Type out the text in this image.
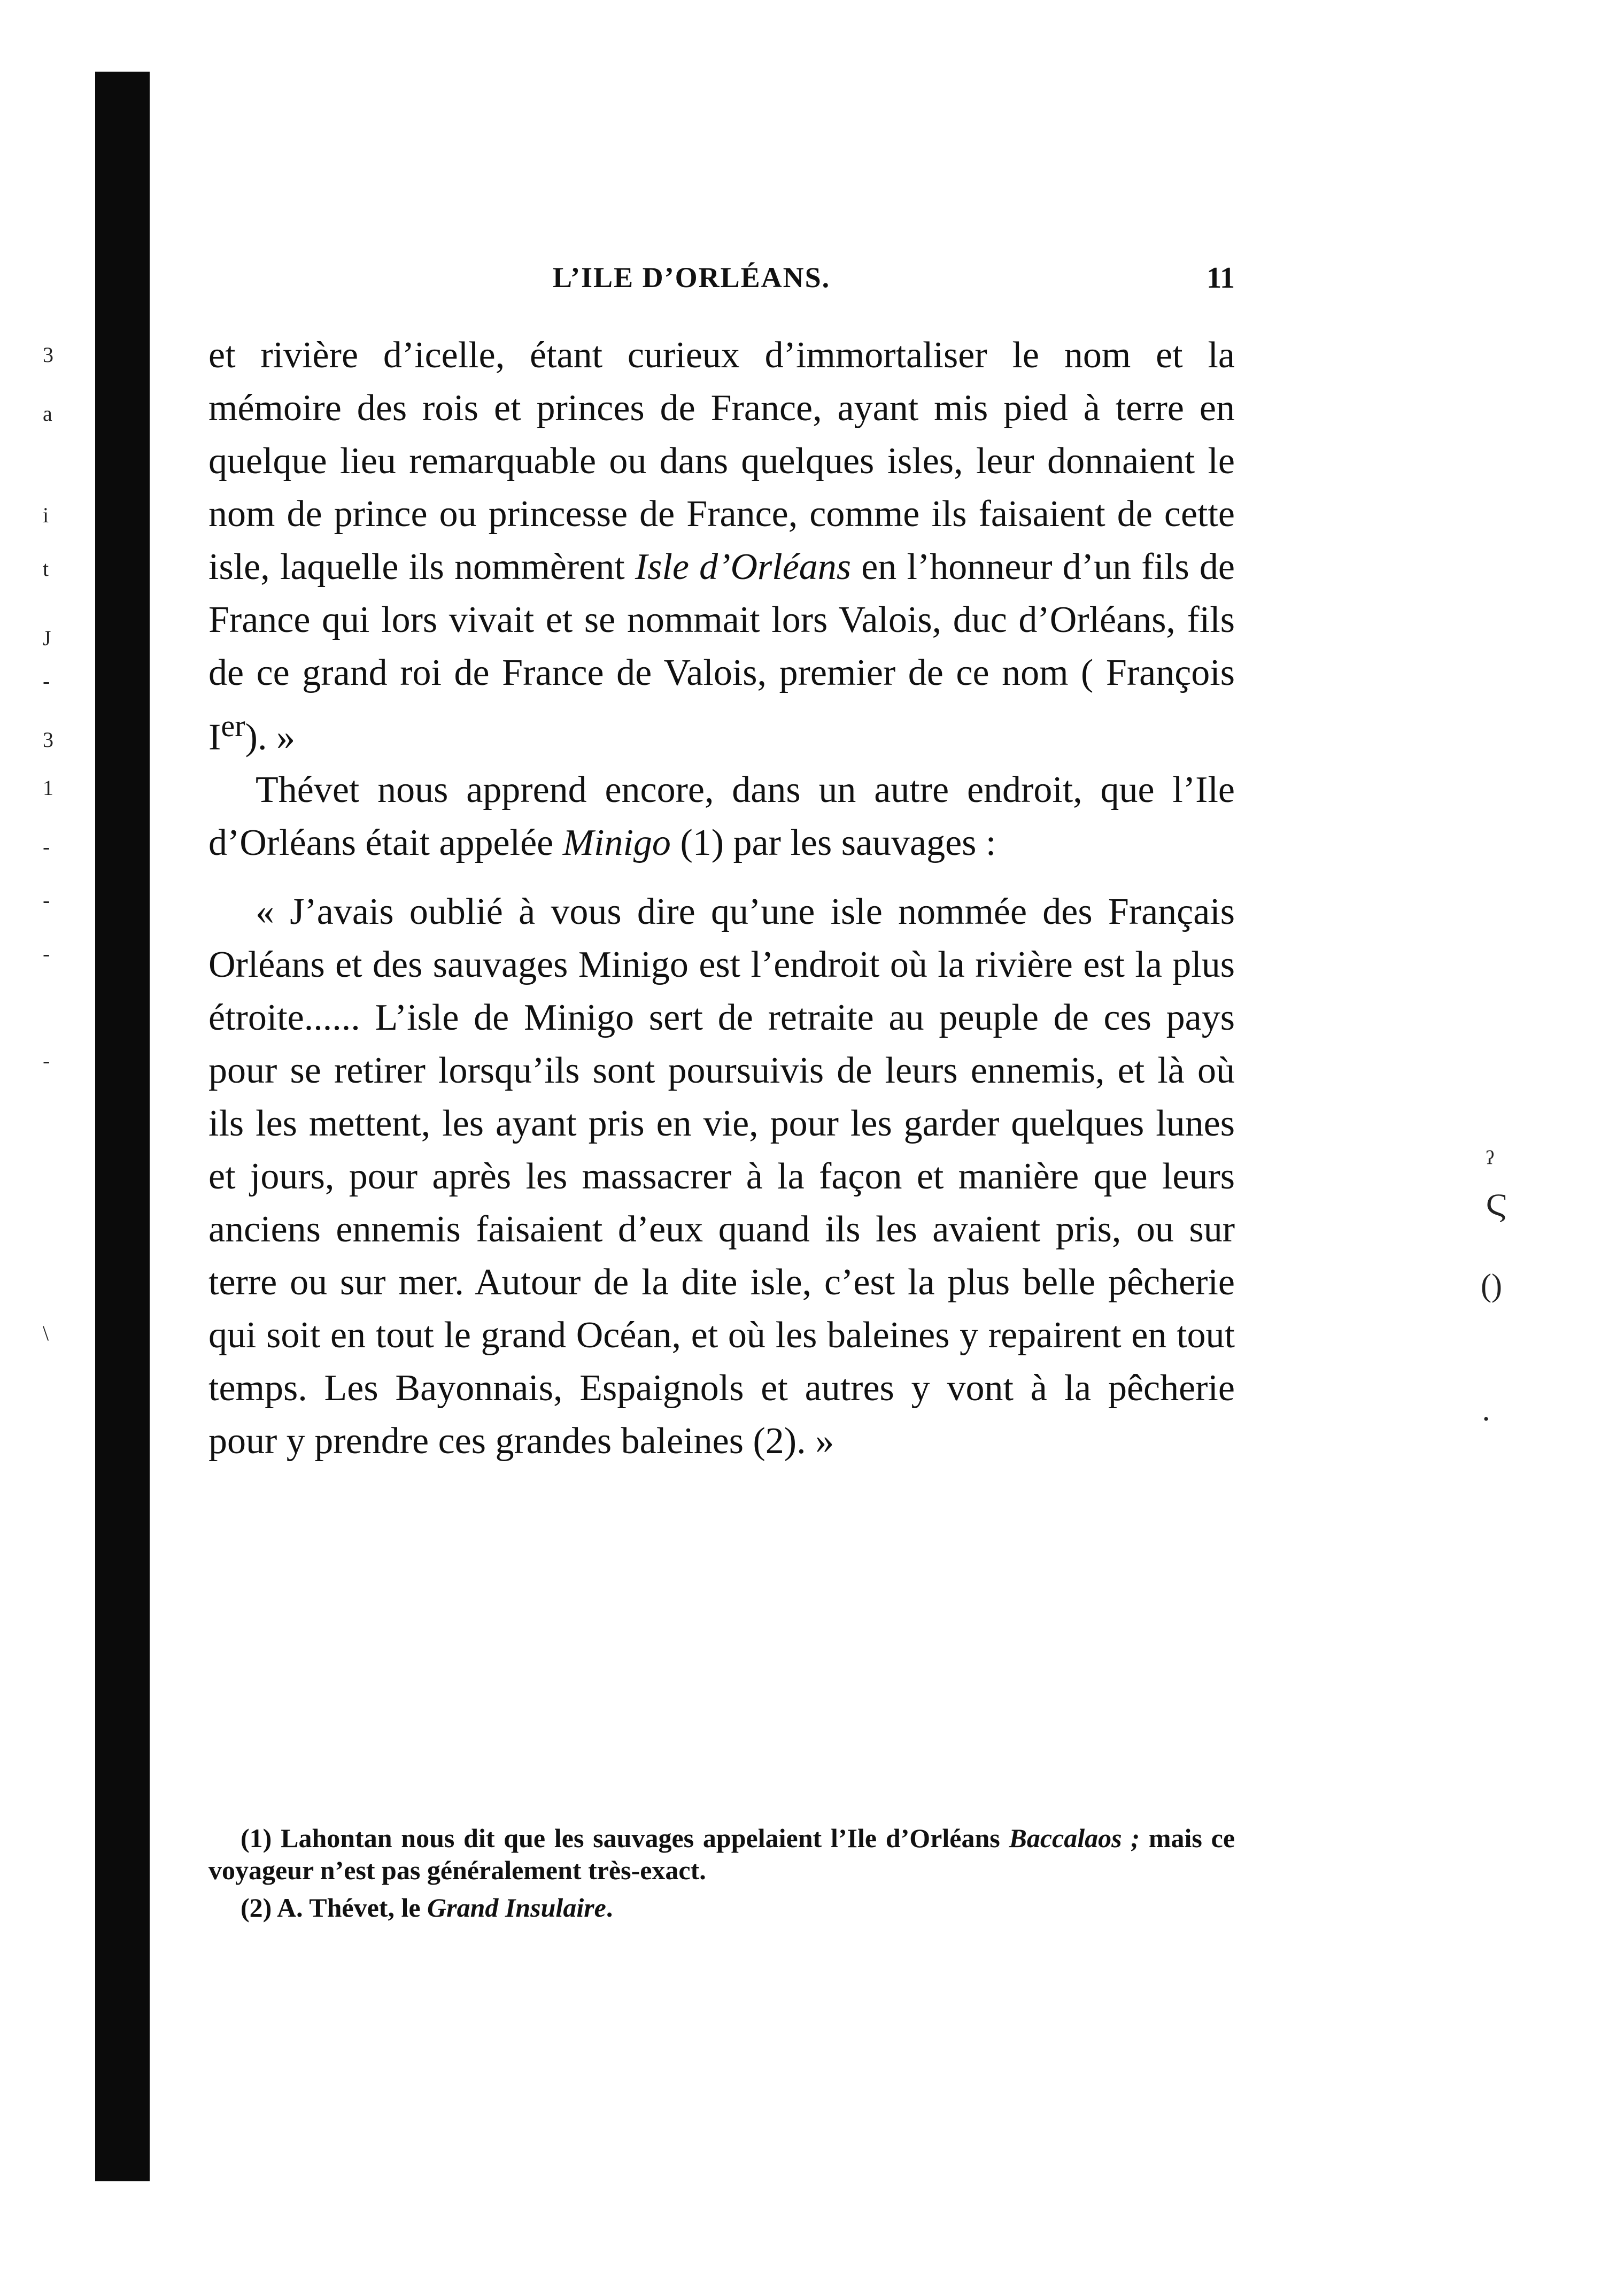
3
a
i
t
J
-
3
1
-
-
-
-
\
L’ILE D’ORLÉANS.	11

et rivière d’icelle, étant curieux d’immortaliser le nom et la mémoire des rois et princes de France, ayant mis pied à terre en quelque lieu remarquable ou dans quelques isles, leur donnaient le nom de prince ou princesse de France, comme ils faisaient de cette isle, laquelle ils nommèrent Isle d’Orléans en l’honneur d’un fils de France qui lors vivait et se nommait lors Valois, duc d’Orléans, fils de ce grand roi de France de Valois, premier de ce nom ( François Ier). »

Thévet nous apprend encore, dans un autre endroit, que l’Ile d’Orléans était appelée Minigo (1) par les sauvages :

« J’avais oublié à vous dire qu’une isle nommée des Français Orléans et des sauvages Minigo est l’endroit où la rivière est la plus étroite...... L’isle de Minigo sert de retraite au peuple de ces pays pour se retirer lorsqu’ils sont poursuivis de leurs ennemis, et là où ils les mettent, les ayant pris en vie, pour les garder quelques lunes et jours, pour après les massacrer à la façon et manière que leurs anciens ennemis faisaient d’eux quand ils les avaient pris, ou sur terre ou sur mer. Autour de la dite isle, c’est la plus belle pêcherie qui soit en tout le grand Océan, et où les baleines y repairent en tout temps. Les Bayonnais, Espaignols et autres y vont à la pêcherie pour y prendre ces grandes baleines (2). »

(1) Lahontan nous dit que les sauvages appelaient l’Ile d’Orléans Baccalaos ; mais ce voyageur n’est pas généralement très-exact.

(2) A. Thévet, le Grand Insulaire.

ˀ
Ϛ
()
·
